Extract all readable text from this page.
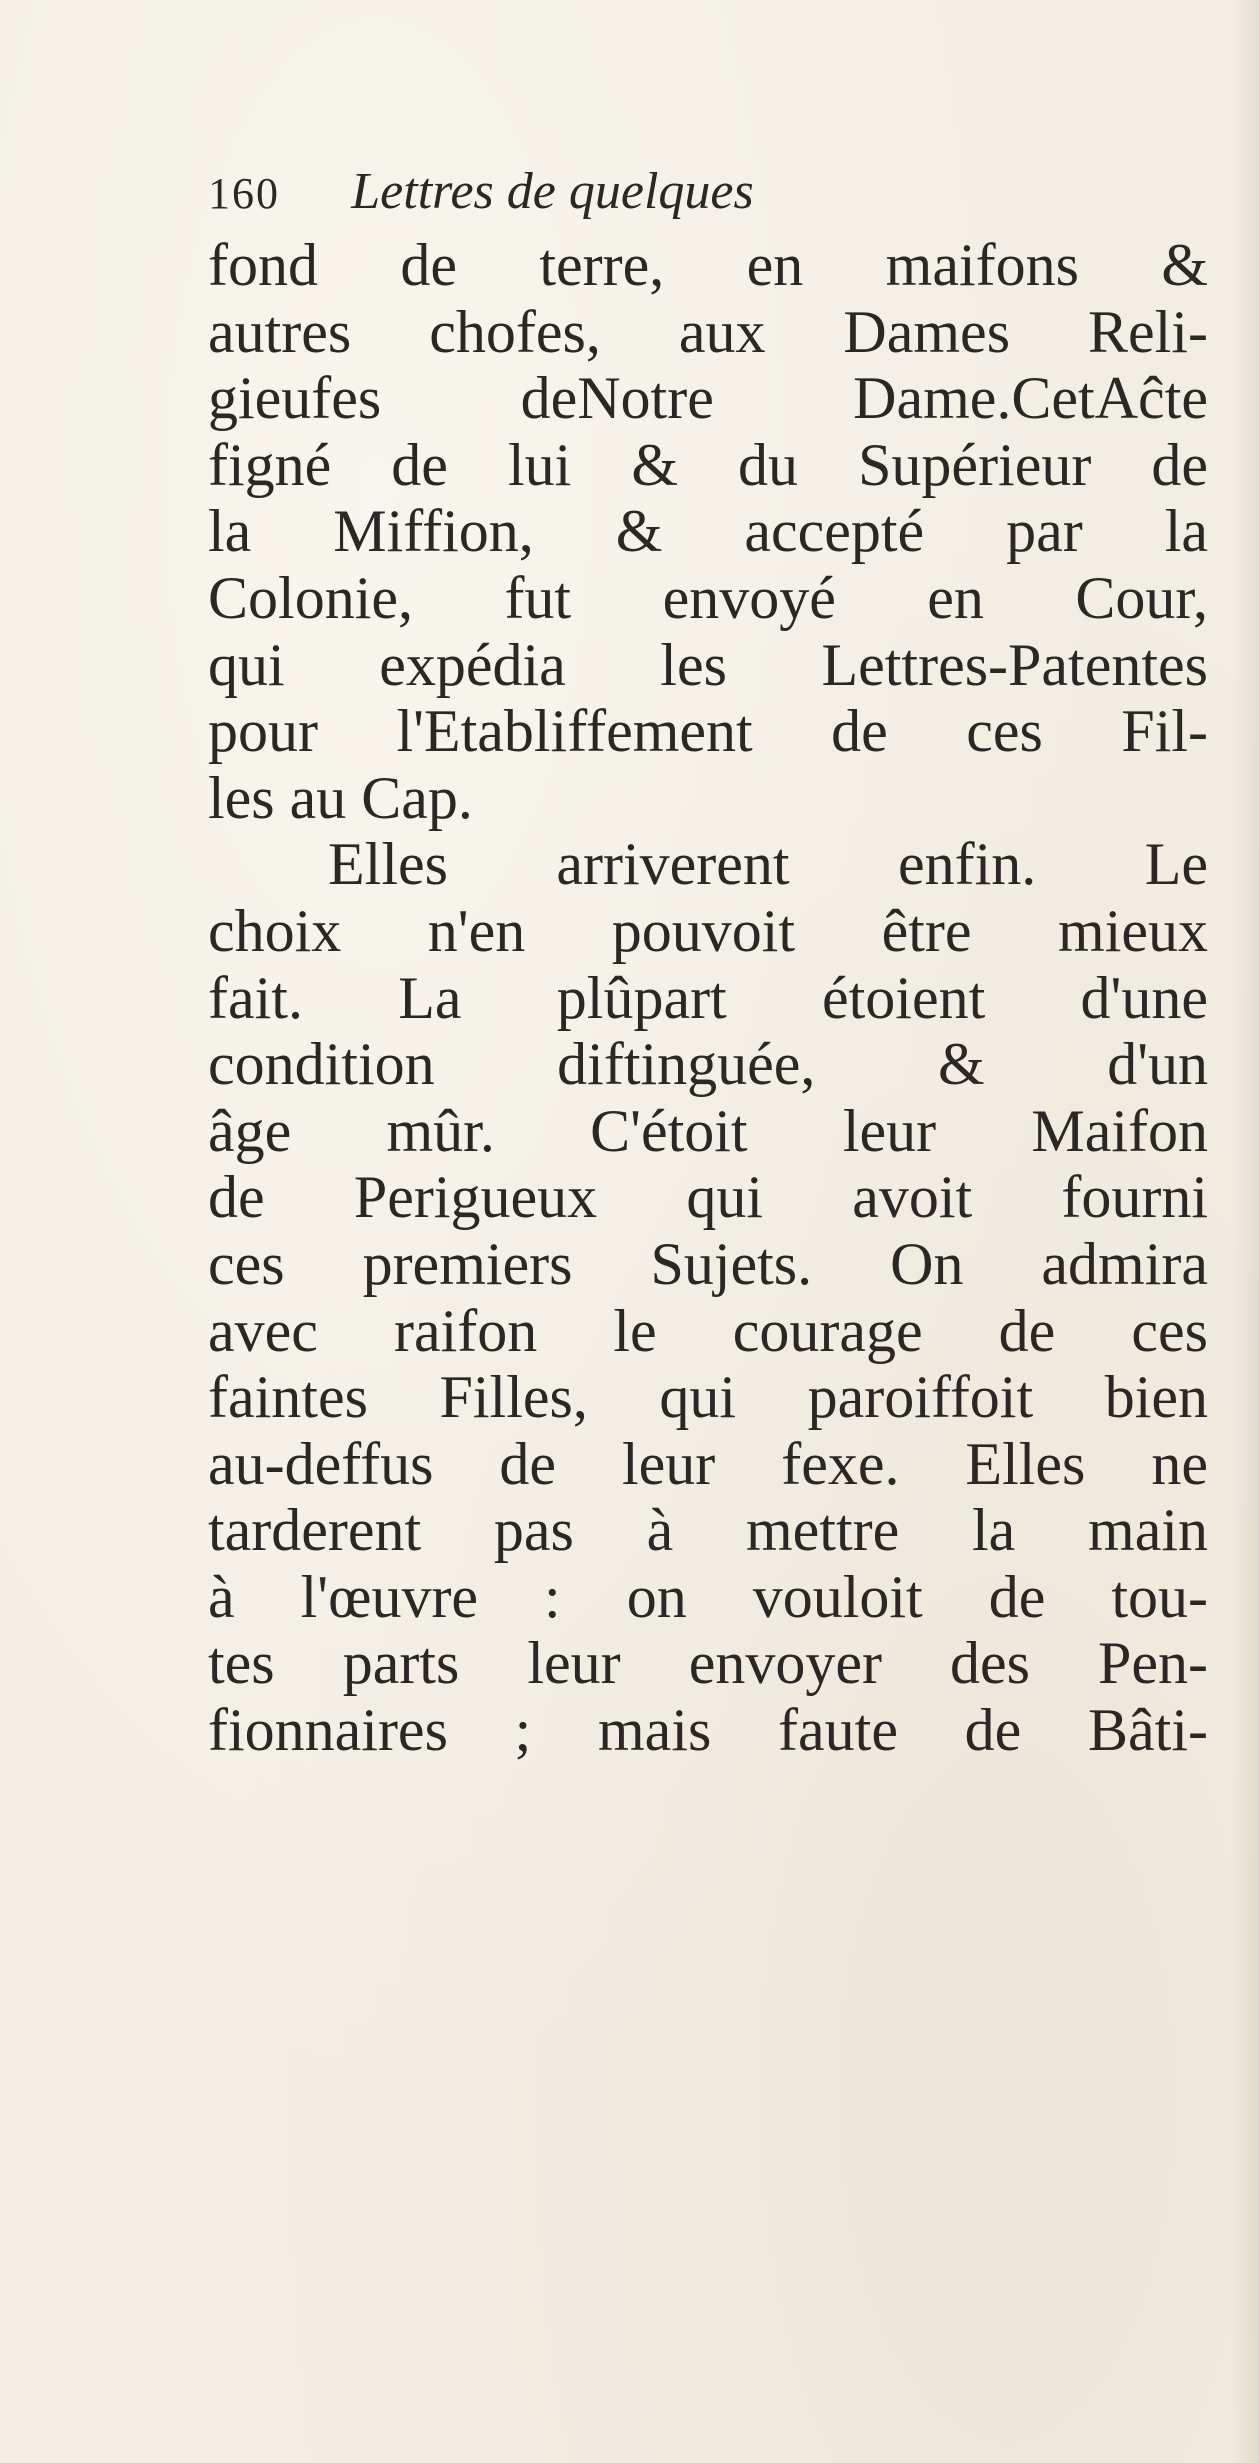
160 Lettres de quelques
fond de terre, en maifons &
autres chofes, aux Dames Reli-
gieufes deNotre Dame.CetAĉte
figné de lui & du Supérieur de
la Miffion, & accepté par la
Colonie, fut envoyé en Cour,
qui expédia les Lettres-Patentes
pour l'Etabliffement de ces Fil-
les au Cap.
Elles arriverent enfin. Le
choix n'en pouvoit être mieux
fait. La plûpart étoient d'une
condition diftinguée, & d'un
âge mûr. C'étoit leur Maifon
de Perigueux qui avoit fourni
ces premiers Sujets. On admira
avec raifon le courage de ces
faintes Filles, qui paroiffoit bien
au-deffus de leur fexe. Elles ne
tarderent pas à mettre la main
à l'œuvre : on vouloit de tou-
tes parts leur envoyer des Pen-
fionnaires ; mais faute de Bâti-
